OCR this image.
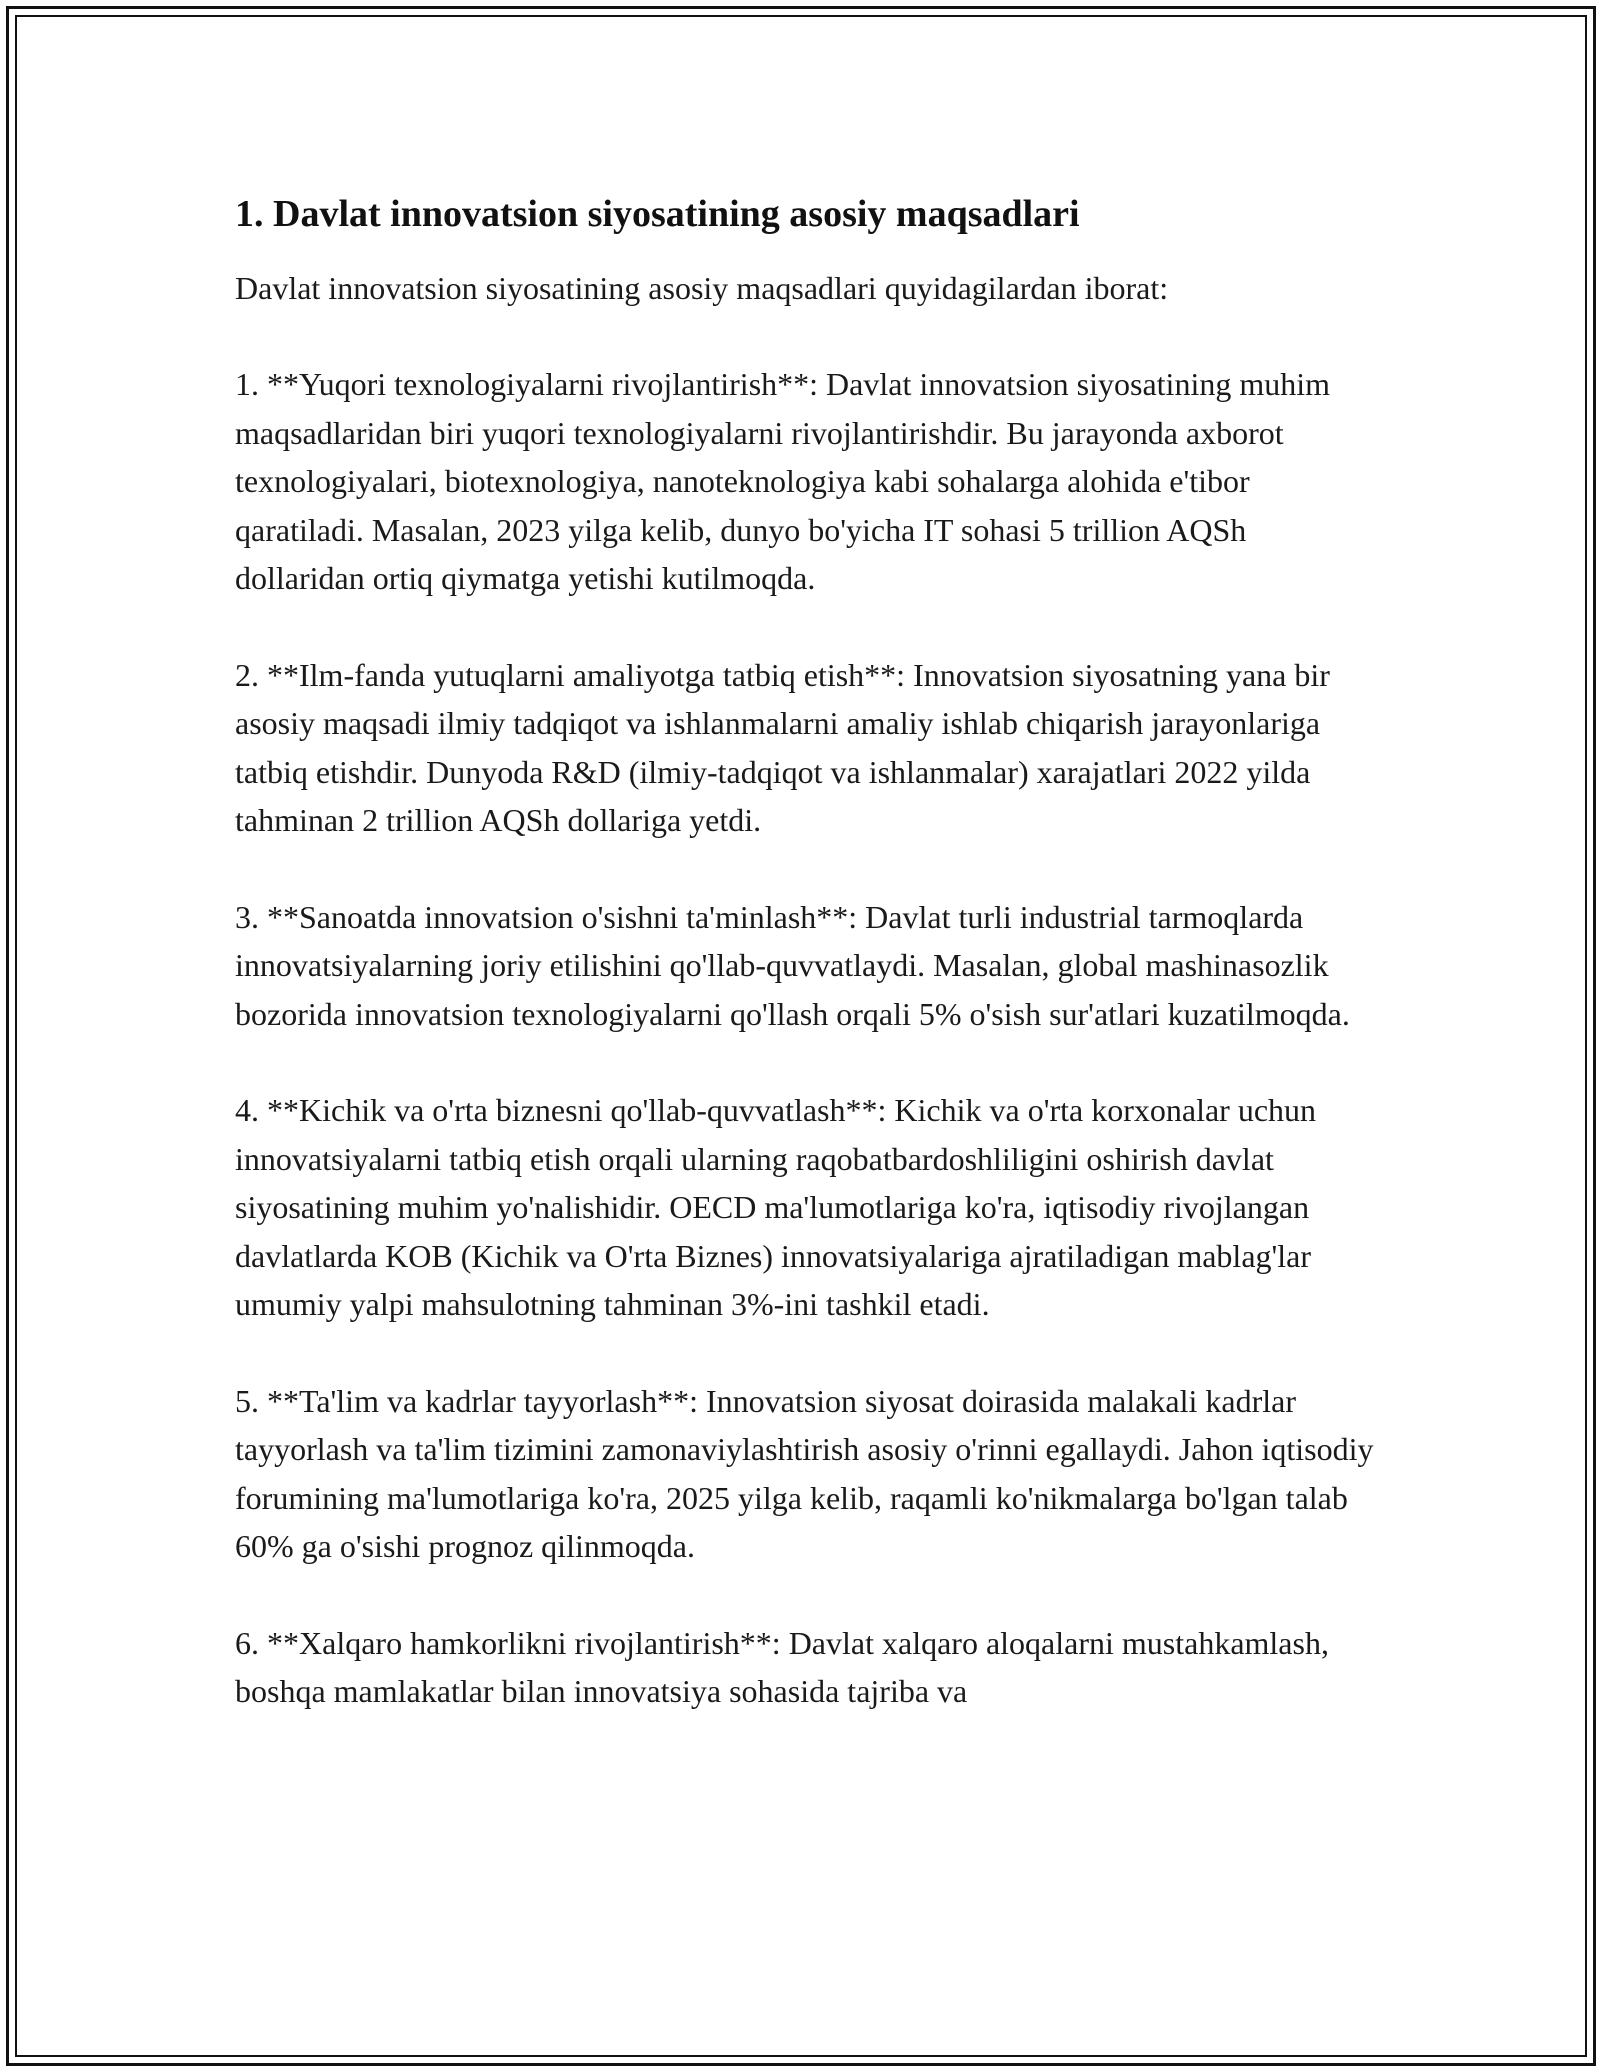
1. Davlat innovatsion siyosatining asosiy maqsadlari

Davlat innovatsion siyosatining asosiy maqsadlari quyidagilardan iborat:

1. **Yuqori texnologiyalarni rivojlantirish**: Davlat innovatsion siyosatining muhim maqsadlaridan biri yuqori texnologiyalarni rivojlantirishdir. Bu jarayonda axborot texnologiyalari, biotexnologiya, nanoteknologiya kabi sohalarga alohida e'tibor qaratiladi. Masalan, 2023 yilga kelib, dunyo bo'yicha IT sohasi 5 trillion AQSh dollaridan ortiq qiymatga yetishi kutilmoqda.

2. **Ilm-fanda yutuqlarni amaliyotga tatbiq etish**: Innovatsion siyosatning yana bir asosiy maqsadi ilmiy tadqiqot va ishlanmalarni amaliy ishlab chiqarish jarayonlariga tatbiq etishdir. Dunyoda R&D (ilmiy-tadqiqot va ishlanmalar) xarajatlari 2022 yilda tahminan 2 trillion AQSh dollariga yetdi.

3. **Sanoatda innovatsion o'sishni ta'minlash**: Davlat turli industrial tarmoqlarda innovatsiyalarning joriy etilishini qo'llab-quvvatlaydi. Masalan, global mashinasozlik bozorida innovatsion texnologiyalarni qo'llash orqali 5% o'sish sur'atlari kuzatilmoqda.

4. **Kichik va o'rta biznesni qo'llab-quvvatlash**: Kichik va o'rta korxonalar uchun innovatsiyalarni tatbiq etish orqali ularning raqobatbardoshliligini oshirish davlat siyosatining muhim yo'nalishidir. OECD ma'lumotlariga ko'ra, iqtisodiy rivojlangan davlatlarda KOB (Kichik va O'rta Biznes) innovatsiyalariga ajratiladigan mablag'lar umumiy yalpi mahsulotning tahminan 3%-ini tashkil etadi.

5. **Ta'lim va kadrlar tayyorlash**: Innovatsion siyosat doirasida malakali kadrlar tayyorlash va ta'lim tizimini zamonaviylashtirish asosiy o'rinni egallaydi. Jahon iqtisodiy forumining ma'lumotlariga ko'ra, 2025 yilga kelib, raqamli ko'nikmalarga bo'lgan talab 60% ga o'sishi prognoz qilinmoqda.

6. **Xalqaro hamkorlikni rivojlantirish**: Davlat xalqaro aloqalarni mustahkamlash, boshqa mamlakatlar bilan innovatsiya sohasida tajriba va
